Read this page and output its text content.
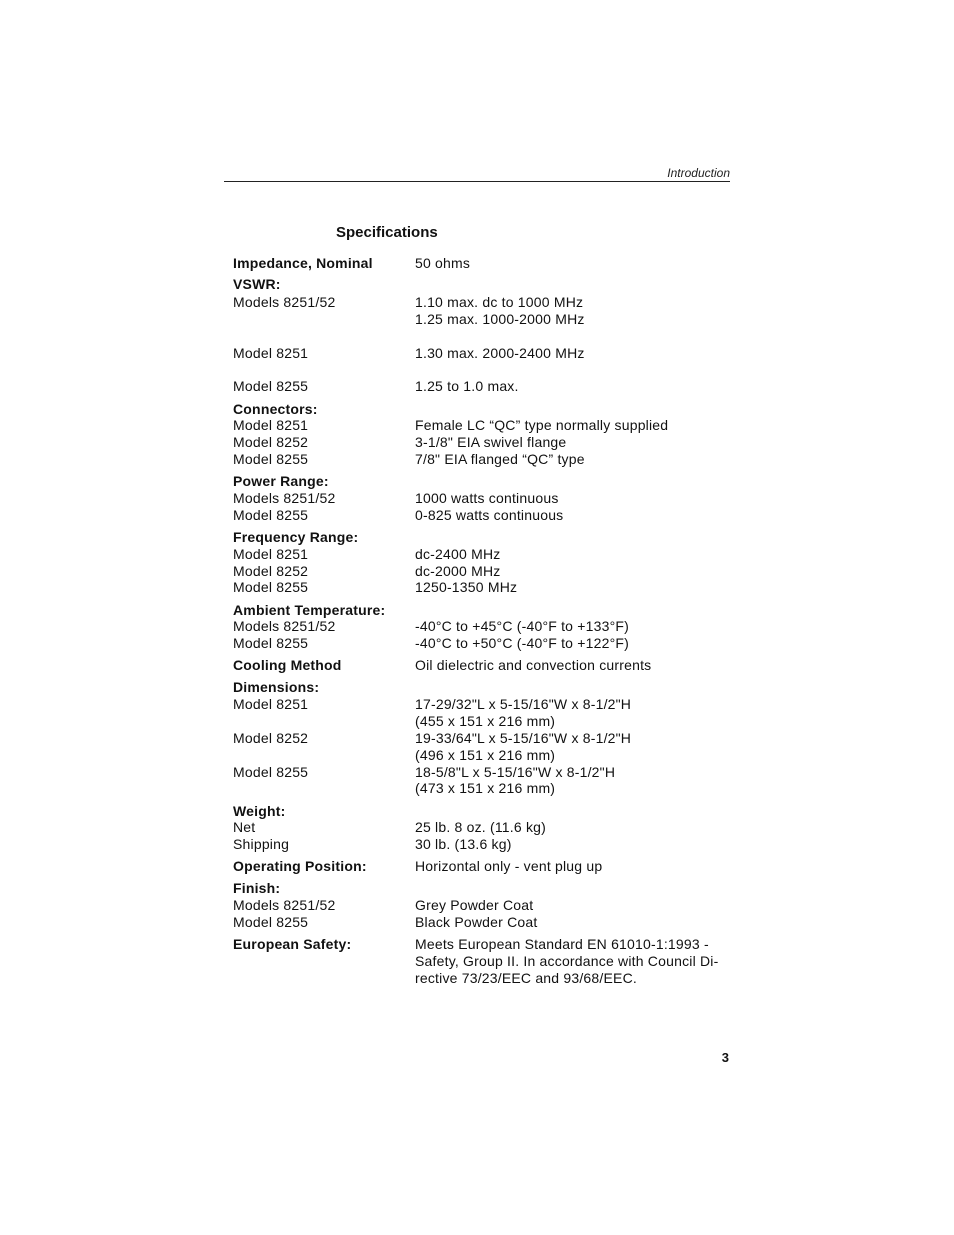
Introduction
Specifications
Impedance, Nominal	50 ohms
VSWR:
Models 8251/52	1.10 max. dc to 1000 MHz
1.25 max. 1000-2000 MHz
Model 8251	1.30 max. 2000-2400 MHz
Model 8255	1.25 to 1.0 max.
Connectors:
Model 8251	Female LC “QC” type normally supplied
Model 8252	3-1/8" EIA swivel flange
Model 8255	7/8" EIA flanged “QC” type
Power Range:
Models 8251/52	1000 watts continuous
Model 8255	0-825 watts continuous
Frequency Range:
Model 8251	dc-2400 MHz
Model 8252	dc-2000 MHz
Model 8255	1250-1350 MHz
Ambient Temperature:
Models 8251/52	-40°C to +45°C (-40°F to +133°F)
Model 8255	-40°C to +50°C (-40°F to +122°F)
Cooling Method	Oil dielectric and convection currents
Dimensions:
Model 8251	17-29/32"L x 5-15/16"W x 8-1/2"H
(455 x 151 x 216 mm)
Model 8252	19-33/64"L x 5-15/16"W x 8-1/2"H
(496 x 151 x 216 mm)
Model 8255	18-5/8"L x 5-15/16"W x 8-1/2"H
(473 x 151 x 216 mm)
Weight:
Net	25 lb. 8 oz. (11.6 kg)
Shipping	30 lb. (13.6 kg)
Operating Position:	Horizontal only - vent plug up
Finish:
Models 8251/52	Grey Powder Coat
Model 8255	Black Powder Coat
European Safety:	Meets European Standard EN 61010-1:1993 -
Safety, Group II. In accordance with Council Di-
rective 73/23/EEC and 93/68/EEC.
3
